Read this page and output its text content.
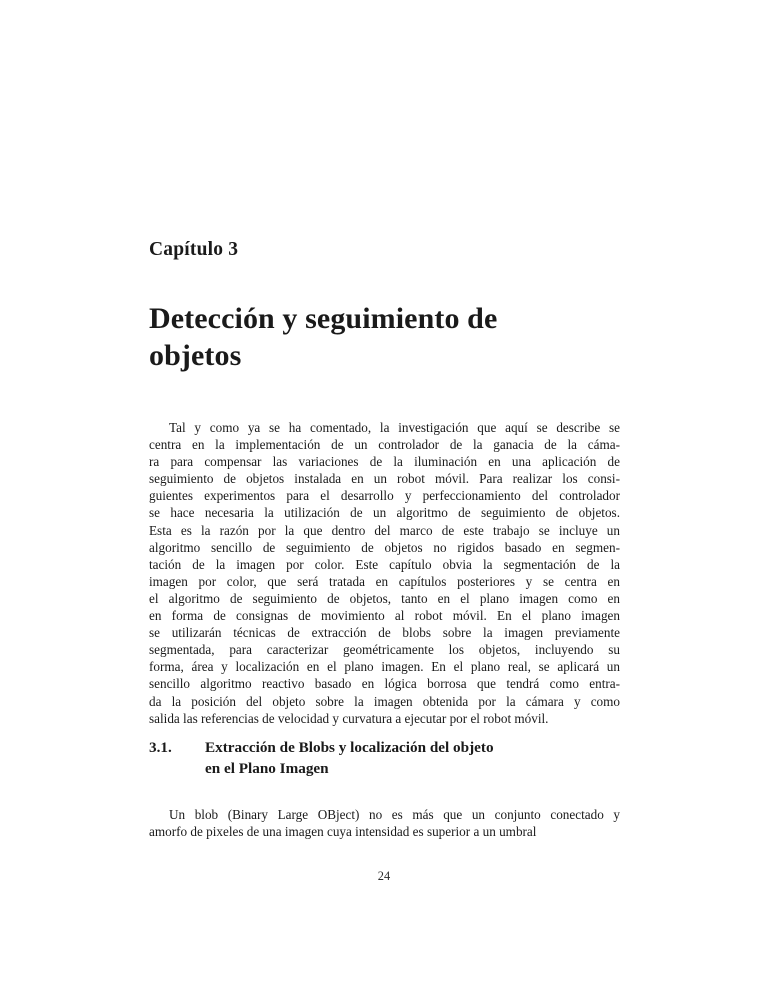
Capítulo 3
Detección y seguimiento de
objetos
Tal y como ya se ha comentado, la investigación que aquí se describe se
centra en la implementación de un controlador de la ganacia de la cáma-
ra para compensar las variaciones de la iluminación en una aplicación de
seguimiento de objetos instalada en un robot móvil. Para realizar los consi-
guientes experimentos para el desarrollo y perfeccionamiento del controlador
se hace necesaria la utilización de un algoritmo de seguimiento de objetos.
Esta es la razón por la que dentro del marco de este trabajo se incluye un
algoritmo sencillo de seguimiento de objetos no rigidos basado en segmen-
tación de la imagen por color. Este capítulo obvia la segmentación de la
imagen por color, que será tratada en capítulos posteriores y se centra en
el algoritmo de seguimiento de objetos, tanto en el plano imagen como en
en forma de consignas de movimiento al robot móvil. En el plano imagen
se utilizarán técnicas de extracción de blobs sobre la imagen previamente
segmentada, para caracterizar geométricamente los objetos, incluyendo su
forma, área y localización en el plano imagen. En el plano real, se aplicará un
sencillo algoritmo reactivo basado en lógica borrosa que tendrá como entra-
da la posición del objeto sobre la imagen obtenida por la cámara y como
salida las referencias de velocidad y curvatura a ejecutar por el robot móvil.
3.1. Extracción de Blobs y localización del objeto
en el Plano Imagen
Un blob (Binary Large OBject) no es más que un conjunto conectado y
amorfo de pixeles de una imagen cuya intensidad es superior a un umbral
24
